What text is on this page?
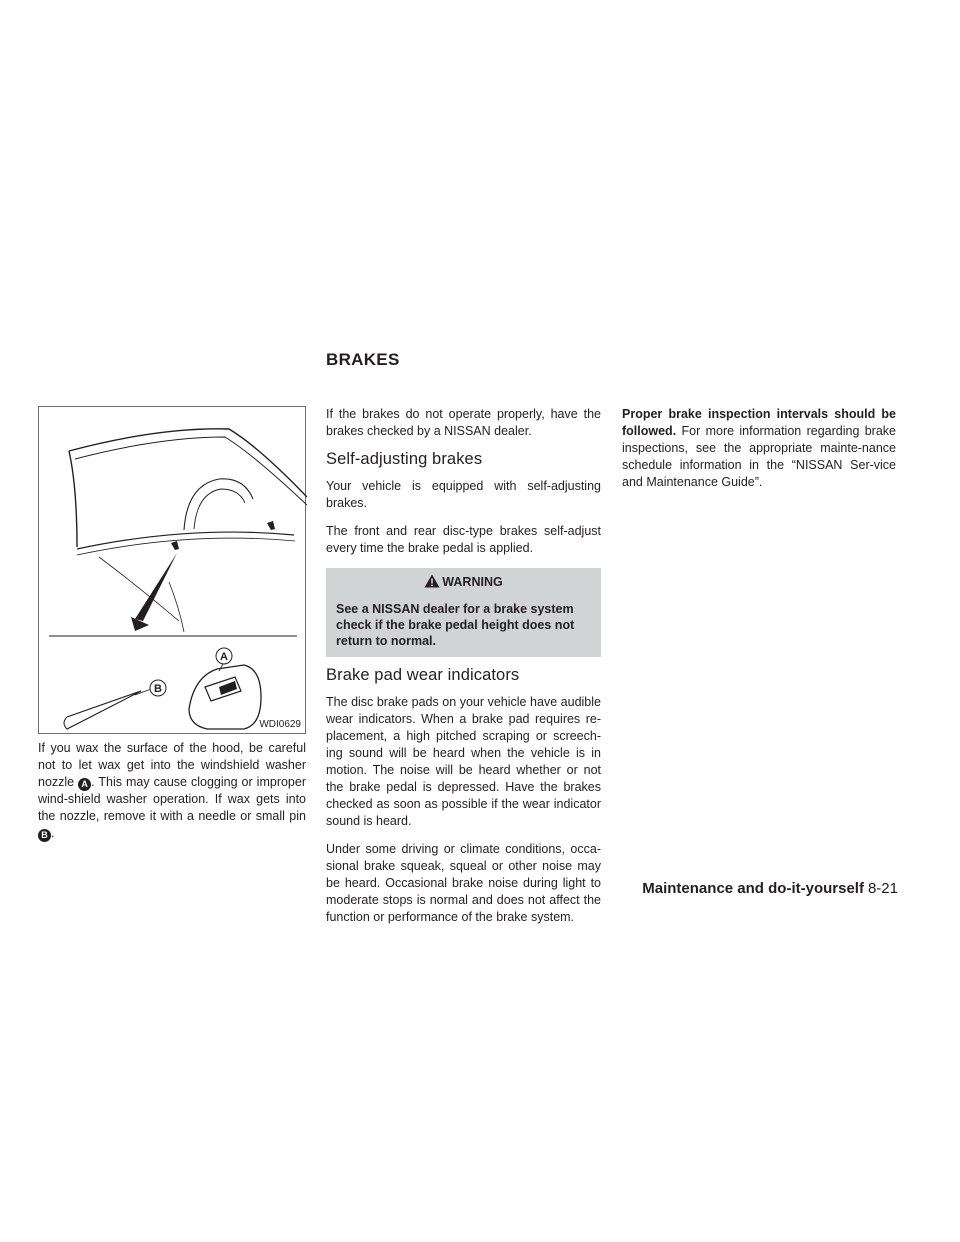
BRAKES
A
B
WDI0629

If you wax the surface of the hood, be careful not to let wax get into the windshield washer nozzle A . This may cause clogging or improper wind-shield washer operation. If wax gets into the nozzle, remove it with a needle or small pin B .

If the brakes do not operate properly, have the brakes checked by a NISSAN dealer.

Self-adjusting brakes

Your vehicle is equipped with self-adjusting brakes.

The front and rear disc-type brakes self-adjust every time the brake pedal is applied.

WARNING
See a NISSAN dealer for a brake system check if the brake pedal height does not return to normal.
Brake pad wear indicators

The disc brake pads on your vehicle have audible wear indicators. When a brake pad requires re-placement, a high pitched scraping or screech-ing sound will be heard when the vehicle is in motion. The noise will be heard whether or not the brake pedal is depressed. Have the brakes checked as soon as possible if the wear indicator sound is heard.

Under some driving or climate conditions, occa-sional brake squeak, squeal or other noise may be heard. Occasional brake noise during light to moderate stops is normal and does not affect the function or performance of the brake system.

Proper brake inspection intervals should be followed. For more information regarding brake inspections, see the appropriate mainte-nance schedule information in the “NISSAN Ser-vice and Maintenance Guide”.

Maintenance and do-it-yourself 8-21
